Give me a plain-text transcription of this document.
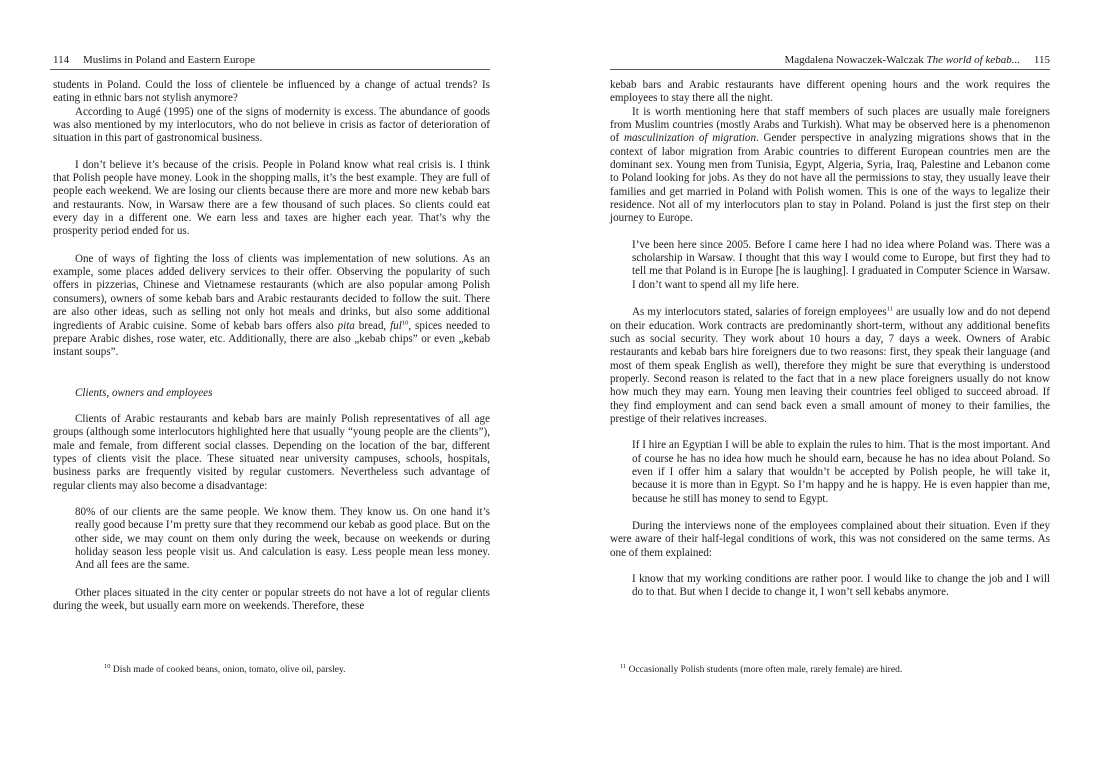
114 Muslims in Poland and Eastern Europe

students in Poland. Could the loss of clientele be influenced by a change of actual trends? Is eating in ethnic bars not stylish anymore?

According to Augé (1995) one of the signs of modernity is excess. The abundance of goods was also mentioned by my interlocutors, who do not believe in crisis as factor of deterioration of situation in this part of gastronomical business.

I don’t believe it’s because of the crisis. People in Poland know what real crisis is. I think that Polish people have money. Look in the shopping malls, it’s the best example. They are full of people each weekend. We are losing our clients because there are more and more new kebab bars and restaurants. Now, in Warsaw there are a few thousand of such places. So clients could eat every day in a different one. We earn less and taxes are higher each year. That’s why the prosperity period ended for us.

One of ways of fighting the loss of clients was implementation of new solutions. As an example, some places added delivery services to their offer. Observing the popularity of such offers in pizzerias, Chinese and Vietnamese restaurants (which are also popular among Polish consumers), owners of some kebab bars and Arabic restaurants decided to follow the suit. There are also other ideas, such as selling not only hot meals and drinks, but also some additional ingredients of Arabic cuisine. Some of kebab bars offers also pita bread, ful$^{10}$, spices needed to prepare Arabic dishes, rose water, etc. Additionally, there are also „kebab chips” or even „kebab instant soups”.

Clients, owners and employees

Clients of Arabic restaurants and kebab bars are mainly Polish representatives of all age groups (although some interlocutors highlighted here that usually “young people are the clients”), male and female, from different social classes. Depending on the location of the bar, different types of clients visit the place. These situated near university campuses, schools, hospitals, business parks are frequently visited by regular customers. Nevertheless such advantage of regular clients may also become a disadvantage:

80% of our clients are the same people. We know them. They know us. On one hand it’s really good because I’m pretty sure that they recommend our kebab as good place. But on the other side, we may count on them only during the week, because on weekends or during holiday season less people visit us. And calculation is easy. Less people mean less money. And all fees are the same.

Other places situated in the city center or popular streets do not have a lot of regular clients during the week, but usually earn more on weekends. Therefore, these

$^{10}$ Dish made of cooked beans, onion, tomato, olive oil, parsley.
Magdalena Nowaczek-Walczak The world of kebab... 115

kebab bars and Arabic restaurants have different opening hours and the work requires the employees to stay there all the night.

It is worth mentioning here that staff members of such places are usually male foreigners from Muslim countries (mostly Arabs and Turkish). What may be observed here is a phenomenon of masculinization of migration. Gender perspective in analyzing migrations shows that in the context of labor migration from Arabic countries to different European countries men are the dominant sex. Young men from Tunisia, Egypt, Algeria, Syria, Iraq, Palestine and Lebanon come to Poland looking for jobs. As they do not have all the permissions to stay, they usually leave their families and get married in Poland with Polish women. This is one of the ways to legalize their residence. Not all of my interlocutors plan to stay in Poland. Poland is just the first step on their journey to Europe.

I’ve been here since 2005. Before I came here I had no idea where Poland was. There was a scholarship in Warsaw. I thought that this way I would come to Europe, but first they had to tell me that Poland is in Europe [he is laughing]. I graduated in Computer Science in Warsaw. I don’t want to spend all my life here.

As my interlocutors stated, salaries of foreign employees$^{11}$ are usually low and do not depend on their education. Work contracts are predominantly short-term, without any additional benefits such as social security. They work about 10 hours a day, 7 days a week. Owners of Arabic restaurants and kebab bars hire foreigners due to two reasons: first, they speak their language (and most of them speak English as well), therefore they might be sure that everything is understood properly. Second reason is related to the fact that in a new place foreigners usually do not know how much they may earn. Young men leaving their countries feel obliged to succeed abroad. If they find employment and can send back even a small amount of money to their families, the prestige of their relatives increases.

If I hire an Egyptian I will be able to explain the rules to him. That is the most important. And of course he has no idea how much he should earn, because he has no idea about Poland. So even if I offer him a salary that wouldn’t be accepted by Polish people, he will take it, because it is more than in Egypt. So I’m happy and he is happy. He is even happier than me, because he still has money to send to Egypt.

During the interviews none of the employees complained about their situation. Even if they were aware of their half-legal conditions of work, this was not considered on the same terms. As one of them explained:

I know that my working conditions are rather poor. I would like to change the job and I will do to that. But when I decide to change it, I won’t sell kebabs anymore.

$^{11}$ Occasionally Polish students (more often male, rarely female) are hired.
